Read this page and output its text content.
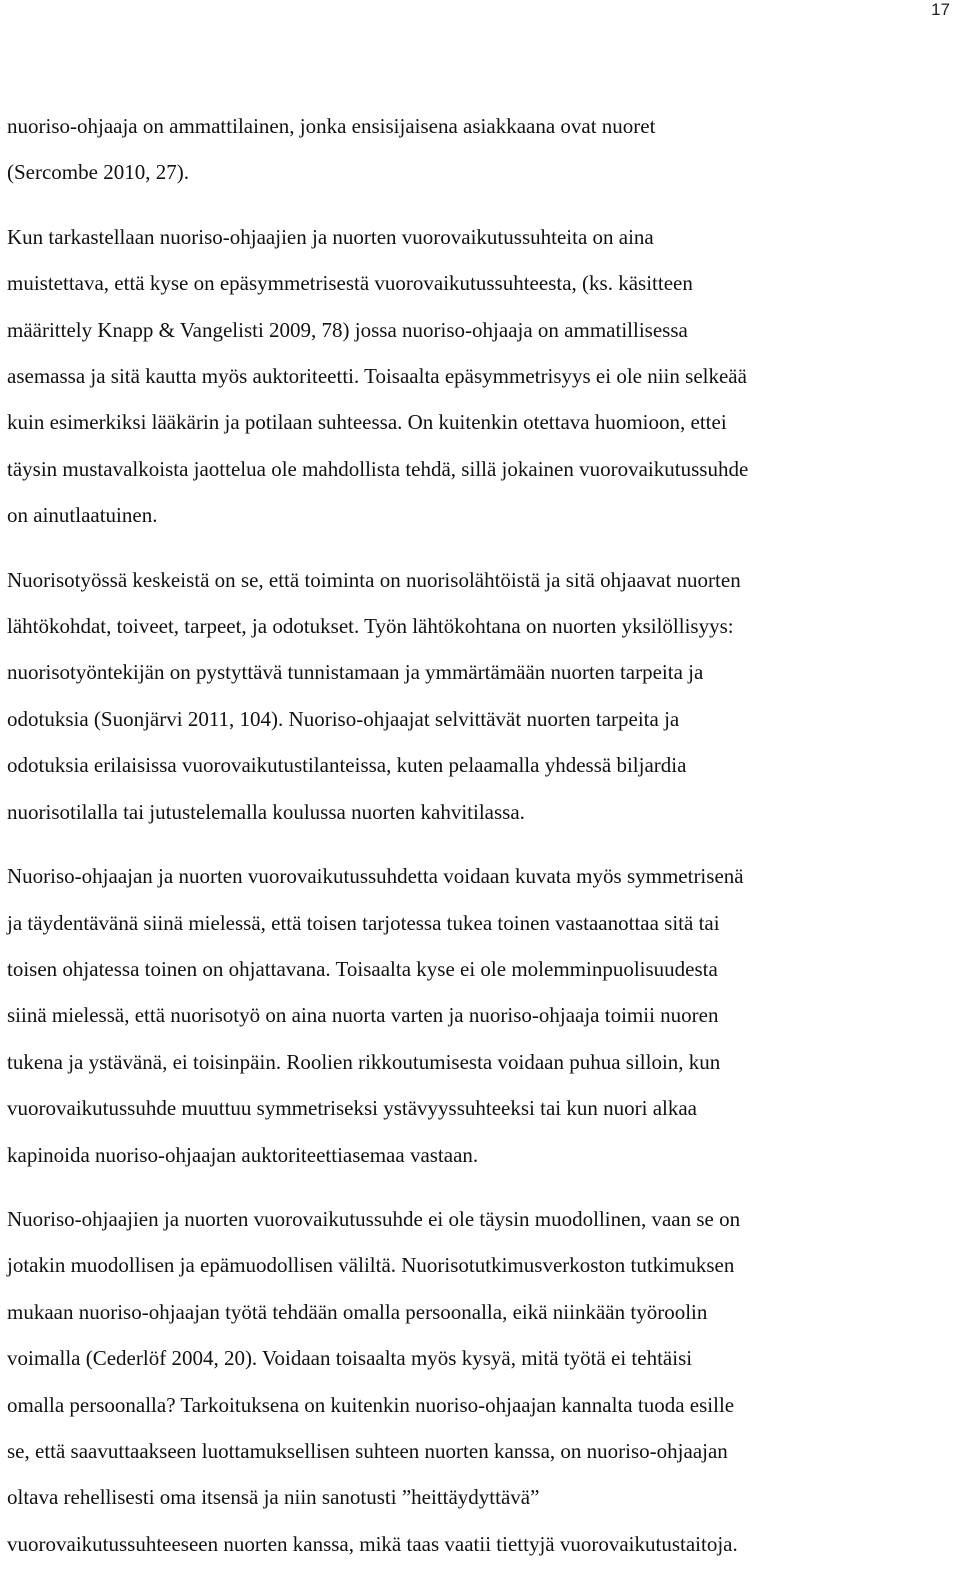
17

nuoriso-ohjaaja on ammattilainen, jonka ensisijaisena asiakkaana ovat nuoret

(Sercombe 2010, 27).

Kun tarkastellaan nuoriso-ohjaajien ja nuorten vuorovaikutussuhteita on aina

muistettava, että kyse on epäsymmetrisestä vuorovaikutussuhteesta, (ks. käsitteen

määrittely Knapp & Vangelisti 2009, 78) jossa nuoriso-ohjaaja on ammatillisessa

asemassa ja sitä kautta myös auktoriteetti. Toisaalta epäsymmetrisyys ei ole niin selkeää

kuin esimerkiksi lääkärin ja potilaan suhteessa. On kuitenkin otettava huomioon, ettei

täysin mustavalkoista jaottelua ole mahdollista tehdä, sillä jokainen vuorovaikutussuhde

on ainutlaatuinen.

Nuorisotyössä keskeistä on se, että toiminta on nuorisolähtöistä ja sitä ohjaavat nuorten

lähtökohdat, toiveet, tarpeet, ja odotukset. Työn lähtökohtana on nuorten yksilöllisyys:

nuorisotyöntekijän on pystyttävä tunnistamaan ja ymmärtämään nuorten tarpeita ja

odotuksia (Suonjärvi 2011, 104). Nuoriso-ohjaajat selvittävät nuorten tarpeita ja

odotuksia erilaisissa vuorovaikutustilanteissa, kuten pelaamalla yhdessä biljardia

nuorisotilalla tai jutustelemalla koulussa nuorten kahvitilassa.

Nuoriso-ohjaajan ja nuorten vuorovaikutussuhdetta voidaan kuvata myös symmetrisenä

ja täydentävänä siinä mielessä, että toisen tarjotessa tukea toinen vastaanottaa sitä tai

toisen ohjatessa toinen on ohjattavana. Toisaalta kyse ei ole molemminpuolisuudesta

siinä mielessä, että nuorisotyö on aina nuorta varten ja nuoriso-ohjaaja toimii nuoren

tukena ja ystävänä, ei toisinpäin. Roolien rikkoutumisesta voidaan puhua silloin, kun

vuorovaikutussuhde muuttuu symmetriseksi ystävyyssuhteeksi tai kun nuori alkaa

kapinoida nuoriso-ohjaajan auktoriteettiasemaa vastaan.

Nuoriso-ohjaajien ja nuorten vuorovaikutussuhde ei ole täysin muodollinen, vaan se on

jotakin muodollisen ja epämuodollisen väliltä. Nuorisotutkimusverkoston tutkimuksen

mukaan nuoriso-ohjaajan työtä tehdään omalla persoonalla, eikä niinkään työroolin

voimalla (Cederlöf 2004, 20). Voidaan toisaalta myös kysyä, mitä työtä ei tehtäisi

omalla persoonalla? Tarkoituksena on kuitenkin nuoriso-ohjaajan kannalta tuoda esille

se, että saavuttaakseen luottamuksellisen suhteen nuorten kanssa, on nuoriso-ohjaajan

oltava rehellisesti oma itsensä ja niin sanotusti ”heittäydyttävä”

vuorovaikutussuhteeseen nuorten kanssa, mikä taas vaatii tiettyjä vuorovaikutustaitoja.
